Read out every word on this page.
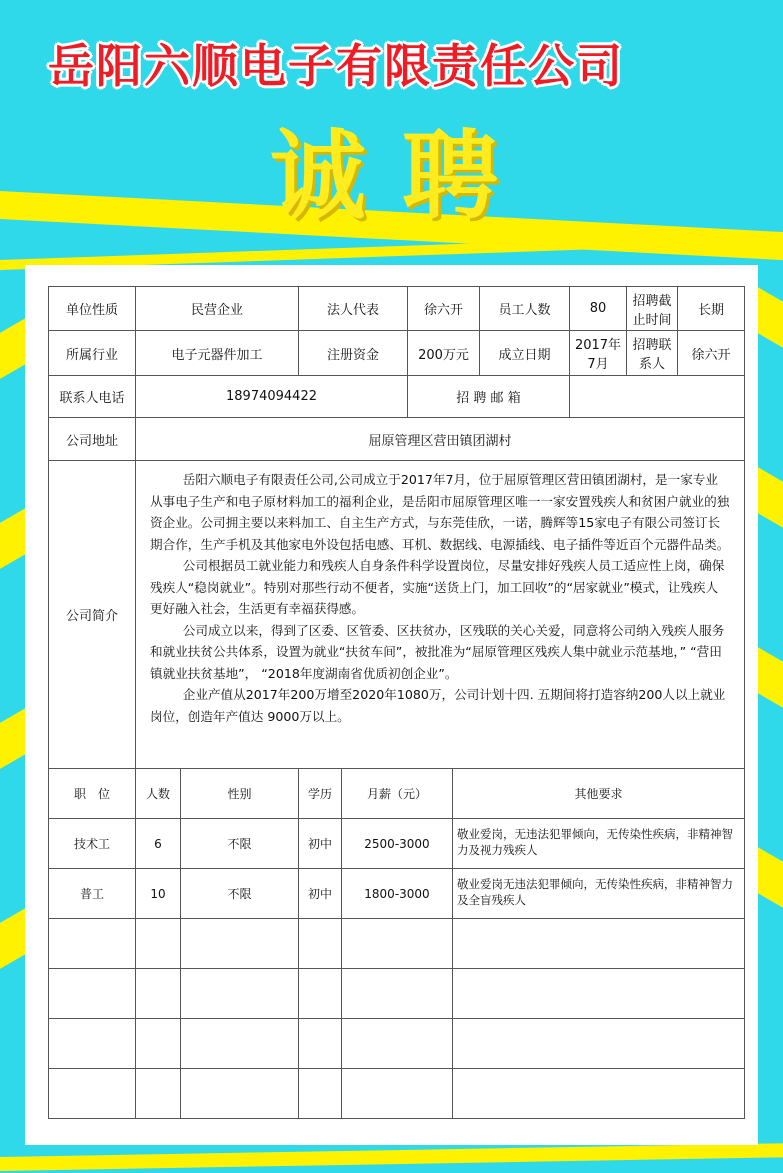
岳阳六顺电子有限责任公司
诚聘
单位性质	民营企业		法人代表		徐六开		员工人数	80	招聘截止时间	长期
所属行业	电子元器件加工		注册资金		200万元		成立日期	2017年7月	招聘联系人	徐六开
联系人电话	18974094422				招 聘 邮 箱					
公司地址	屈原管理区营田镇团湖村									
公司简介	岳阳六顺电子有限责任公司,公司成立于2017年7月，位于屈原管理区营田镇团湖村，是一家专业从事电子生产和电子原材料加工的福利企业，是岳阳市屈原管理区唯一一家安置残疾人和贫困户就业的独资企业。公司拥主要以来料加工、自主生产方式，与东莞佳欣，一诺，腾辉等15家电子有限公司签订长期合作，生产手机及其他家电外设包括电感、耳机、数据线、电源插线、电子插件等近百个元器件品类。

公司根据员工就业能力和残疾人自身条件科学设置岗位，尽量安排好残疾人员工适应性上岗，确保残疾人“稳岗就业”。特别对那些行动不便者，实施“送货上门，加工回收”的“居家就业”模式，让残疾人更好融入社会，生活更有幸福获得感。

公司成立以来，得到了区委、区管委、区扶贫办，区残联的关心关爱，同意将公司纳入残疾人服务和就业扶贫公共体系，设置为就业“扶贫车间”，被批准为“屈原管理区残疾人集中就业示范基地，” “营田镇就业扶贫基地”， “2018年度湖南省优质初创企业”。

企业产值从2017年200万增至2020年1080万，公司计划十四. 五期间将打造容纳200人以上就业岗位，创造年产值达 9000万以上。									

职　位	人数	性别	学历	月薪（元）		其他要求				
技术工	6	不限	初中	2500-3000		敬业爱岗，无违法犯罪倾向，无传染性疾病，非精神智力及视力残疾人				
普工	10	不限	初中	1800-3000		敬业爱岗无违法犯罪倾向，无传染性疾病，非精神智力及全盲残疾人				
